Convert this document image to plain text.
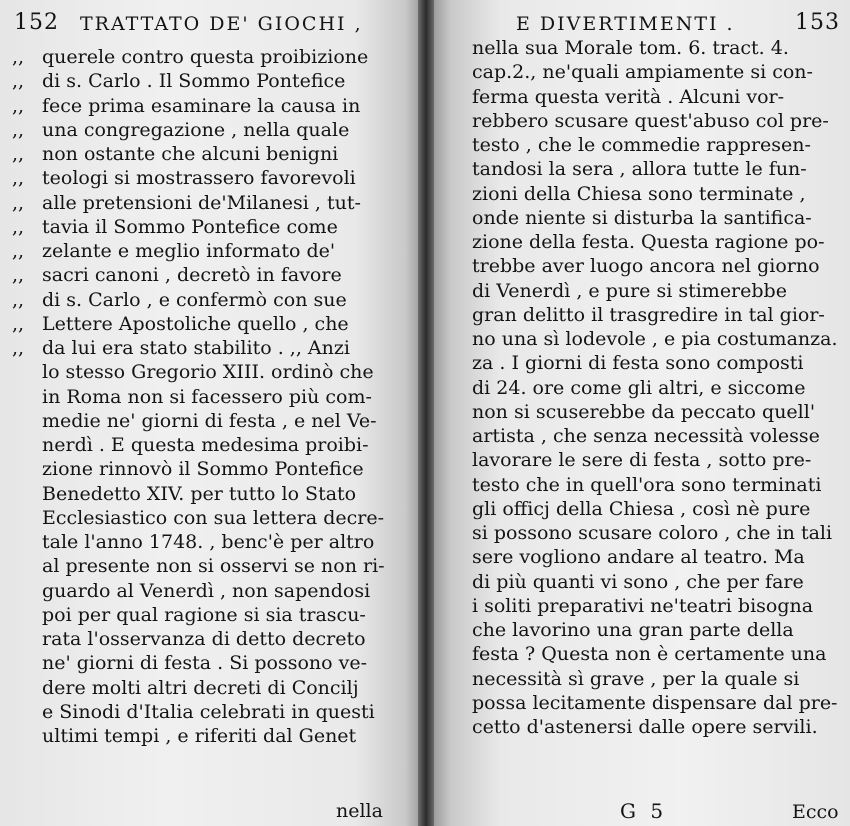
152 TRATTATO DE' GIOCHI ,
,, querele contro questa proibizione
,, di s. Carlo . Il Sommo Pontefice
,, fece prima esaminare la causa in
,, una congregazione , nella quale
,, non ostante che alcuni benigni
,, teologi si mostrassero favorevoli
,, alle pretensioni de'Milanesi , tut-
,, tavia il Sommo Pontefice come
,, zelante e meglio informato de'
,, sacri canoni , decretò in favore
,, di s. Carlo , e confermò con sue
,, Lettere Apostoliche quello , che
,, da lui era stato stabilito . ,, Anzi
lo stesso Gregorio XIII. ordinò che
in Roma non si facessero più com-
medie ne' giorni di festa , e nel Ve-
nerdì . E questa medesima proibi-
zione rinnovò il Sommo Pontefice
Benedetto XIV. per tutto lo Stato
Ecclesiastico con sua lettera decre-
tale l'anno 1748. , benc'è per altro
al presente non si osservi se non ri-
guardo al Venerdì , non sapendosi
poi per qual ragione si sia trascu-
rata l'osservanza di detto decreto
ne' giorni di festa . Si possono ve-
dere molti altri decreti di Concilj
e Sinodi d'Italia celebrati in questi
ultimi tempi , e riferiti dal Genet
nella
E DIVERTIMENTI .	153
nella sua Morale tom. 6. tract. 4.
cap.2., ne'quali ampiamente si con-
ferma questa verità . Alcuni vor-
rebbero scusare quest'abuso col pre-
testo , che le commedie rappresen-
tandosi la sera , allora tutte le fun-
zioni della Chiesa sono terminate ,
onde niente si disturba la santifica-
zione della festa. Questa ragione po-
trebbe aver luogo ancora nel giorno
di Venerdì , e pure si stimerebbe
gran delitto il trasgredire in tal gior-
no una sì lodevole , e pia costumanza.
za . I giorni di festa sono composti
di 24. ore come gli altri, e siccome
non si scuserebbe da peccato quell'
artista , che senza necessità volesse
lavorare le sere di festa , sotto pre-
testo che in quell'ora sono terminati
gli officj della Chiesa , così nè pure
si possono scusare coloro , che in tali
sere vogliono andare al teatro. Ma
di più quanti vi sono , che per fare
i soliti preparativi ne'teatri bisogna
che lavorino una gran parte della
festa ? Questa non è certamente una
necessità sì grave , per la quale si
possa lecitamente dispensare dal pre-
cetto d'astenersi dalle opere servili.
G 5	Ecco
